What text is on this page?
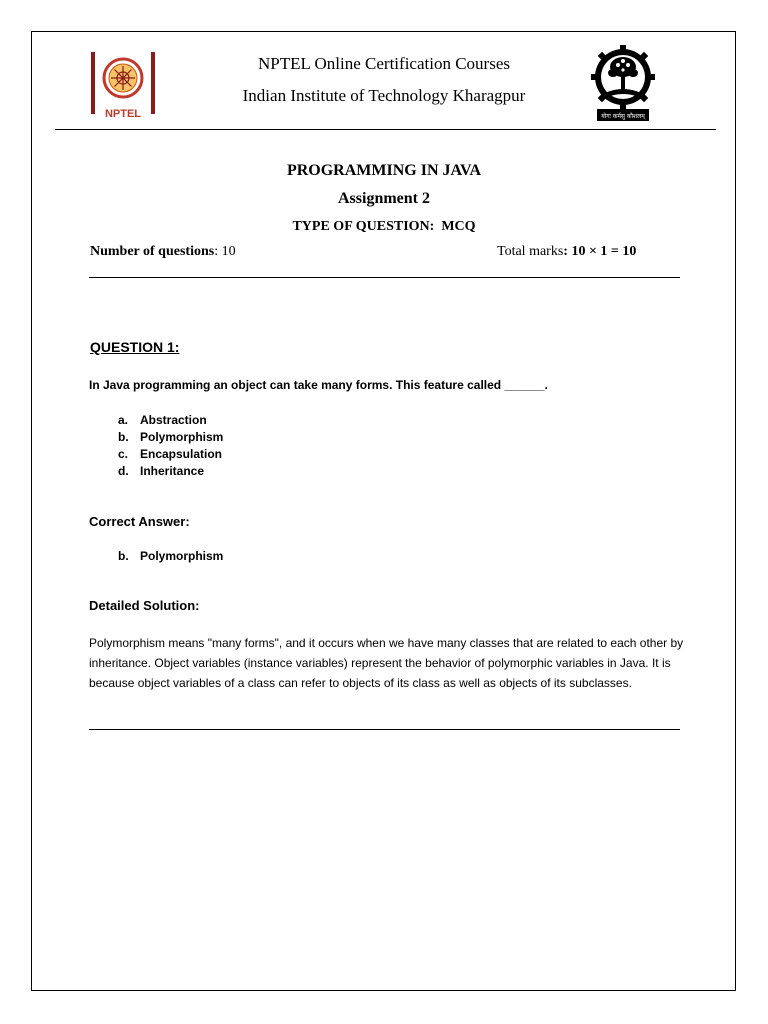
NPTEL
NPTEL Online Certification Courses
Indian Institute of Technology Kharagpur
योगः कर्मसु कौशलम्
PROGRAMMING IN JAVA
Assignment 2
TYPE OF QUESTION: MCQ
Number of questions: 10	Total marks: 10 × 1 = 10
QUESTION 1:
In Java programming an object can take many forms. This feature called ______.
a. Abstraction
b. Polymorphism
c. Encapsulation
d. Inheritance
Correct Answer:
b. Polymorphism
Detailed Solution:
Polymorphism means "many forms", and it occurs when we have many classes that are related to each other by inheritance. Object variables (instance variables) represent the behavior of polymorphic variables in Java. It is because object variables of a class can refer to objects of its class as well as objects of its subclasses.
